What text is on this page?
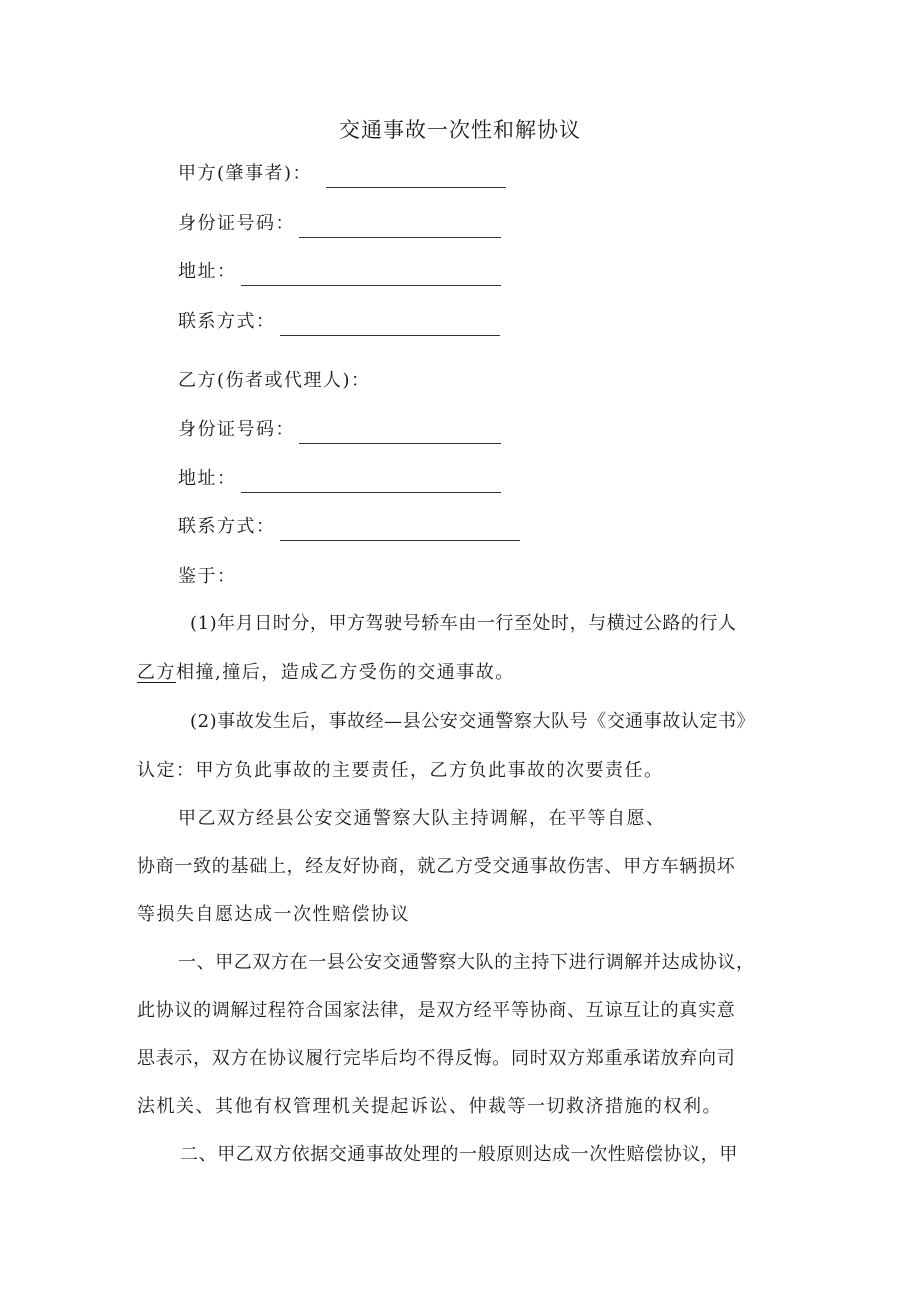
交通事故一次性和解协议
甲方(肇事者)：
身份证号码：
地址：
联系方式：
乙方(伤者或代理人)：
身份证号码：
地址：
联系方式：
鉴于：
(1)年月日时分，甲方驾驶号轿车由一行至处时，与横过公路的行人
乙方相撞,撞后，造成乙方受伤的交通事故。
(2)事故发生后，事故经—县公安交通警察大队号《交通事故认定书》
认定：甲方负此事故的主要责任，乙方负此事故的次要责任。
甲乙双方经县公安交通警察大队主持调解，在平等自愿、
协商一致的基础上，经友好协商，就乙方受交通事故伤害、甲方车辆损坏
等损失自愿达成一次性赔偿协议
一、甲乙双方在一县公安交通警察大队的主持下进行调解并达成协议，
此协议的调解过程符合国家法律，是双方经平等协商、互谅互让的真实意
思表示，双方在协议履行完毕后均不得反悔。同时双方郑重承诺放弃向司
法机关、其他有权管理机关提起诉讼、仲裁等一切救济措施的权利。
二、甲乙双方依据交通事故处理的一般原则达成一次性赔偿协议，甲
